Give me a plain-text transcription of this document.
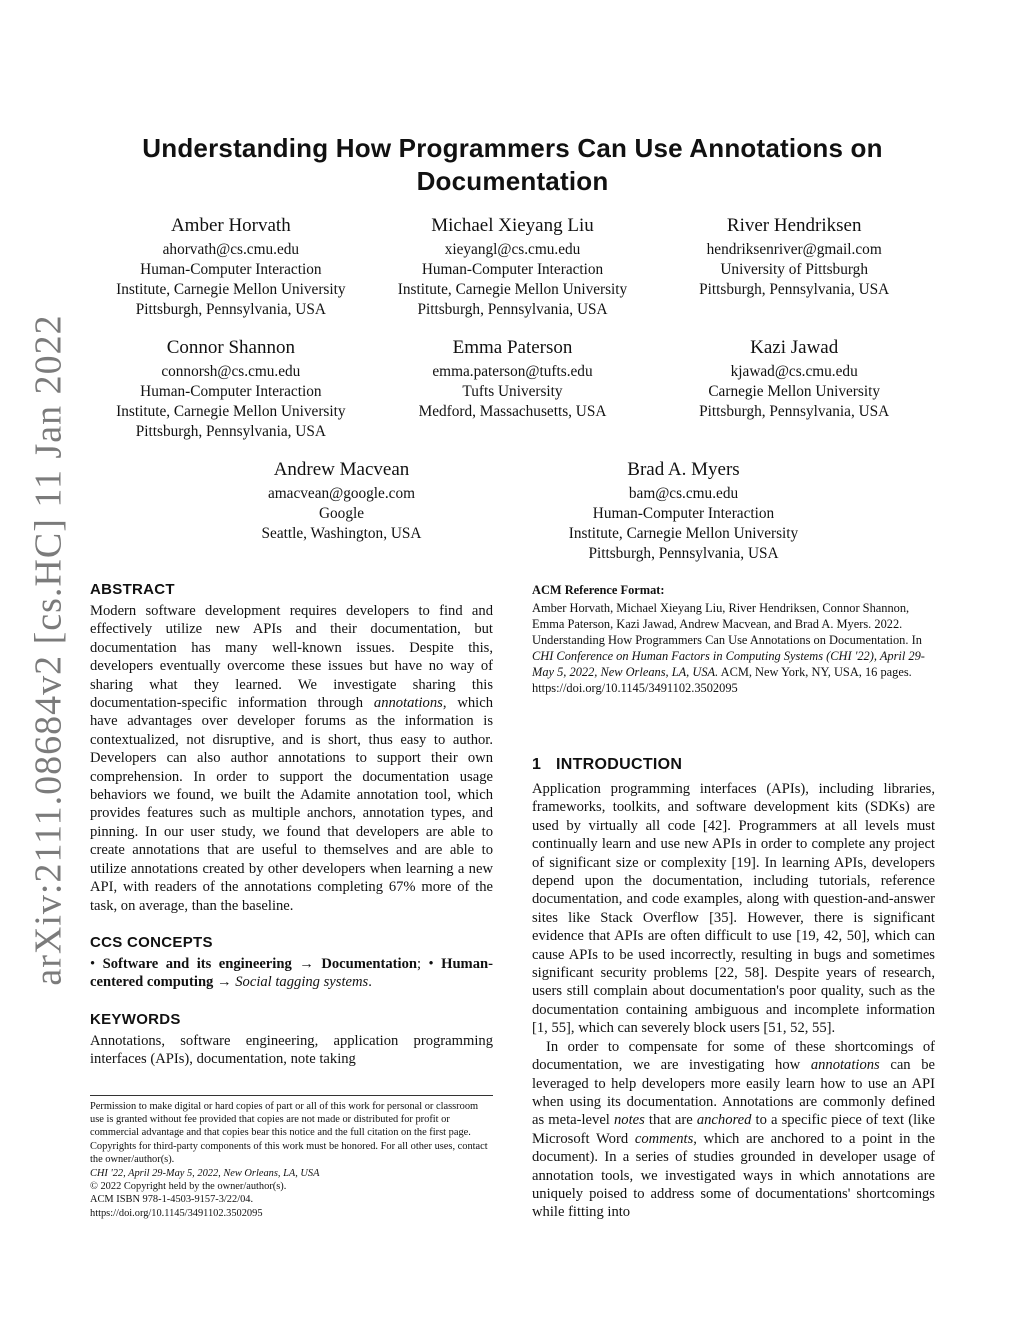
arXiv:2111.08684v2 [cs.HC] 11 Jan 2022
Understanding How Programmers Can Use Annotations on Documentation
Amber Horvath
ahorvath@cs.cmu.edu
Human-Computer Interaction
Institute, Carnegie Mellon University
Pittsburgh, Pennsylvania, USA
Michael Xieyang Liu
xieyangl@cs.cmu.edu
Human-Computer Interaction
Institute, Carnegie Mellon University
Pittsburgh, Pennsylvania, USA
River Hendriksen
hendriksenriver@gmail.com
University of Pittsburgh
Pittsburgh, Pennsylvania, USA
Connor Shannon
connorsh@cs.cmu.edu
Human-Computer Interaction
Institute, Carnegie Mellon University
Pittsburgh, Pennsylvania, USA
Emma Paterson
emma.paterson@tufts.edu
Tufts University
Medford, Massachusetts, USA
Kazi Jawad
kjawad@cs.cmu.edu
Carnegie Mellon University
Pittsburgh, Pennsylvania, USA
Andrew Macvean
amacvean@google.com
Google
Seattle, Washington, USA
Brad A. Myers
bam@cs.cmu.edu
Human-Computer Interaction
Institute, Carnegie Mellon University
Pittsburgh, Pennsylvania, USA
ABSTRACT

Modern software development requires developers to find and effectively utilize new APIs and their documentation, but documentation has many well-known issues. Despite this, developers eventually overcome these issues but have no way of sharing what they learned. We investigate sharing this documentation-specific information through annotations, which have advantages over developer forums as the information is contextualized, not disruptive, and is short, thus easy to author. Developers can also author annotations to support their own comprehension. In order to support the documentation usage behaviors we found, we built the Adamite annotation tool, which provides features such as multiple anchors, annotation types, and pinning. In our user study, we found that developers are able to create annotations that are useful to themselves and are able to utilize annotations created by other developers when learning a new API, with readers of the annotations completing 67% more of the task, on average, than the baseline.

CCS CONCEPTS

• Software and its engineering → Documentation; • Human-centered computing → Social tagging systems.

KEYWORDS

Annotations, software engineering, application programming interfaces (APIs), documentation, note taking

Permission to make digital or hard copies of part or all of this work for personal or classroom use is granted without fee provided that copies are not made or distributed for profit or commercial advantage and that copies bear this notice and the full citation on the first page. Copyrights for third-party components of this work must be honored. For all other uses, contact the owner/author(s).
CHI '22, April 29-May 5, 2022, New Orleans, LA, USA
© 2022 Copyright held by the owner/author(s).
ACM ISBN 978-1-4503-9157-3/22/04.
https://doi.org/10.1145/3491102.3502095
ACM Reference Format:

Amber Horvath, Michael Xieyang Liu, River Hendriksen, Connor Shannon, Emma Paterson, Kazi Jawad, Andrew Macvean, and Brad A. Myers. 2022. Understanding How Programmers Can Use Annotations on Documentation. In CHI Conference on Human Factors in Computing Systems (CHI '22), April 29-May 5, 2022, New Orleans, LA, USA. ACM, New York, NY, USA, 16 pages. https://doi.org/10.1145/3491102.3502095

1 INTRODUCTION

Application programming interfaces (APIs), including libraries, frameworks, toolkits, and software development kits (SDKs) are used by virtually all code [42]. Programmers at all levels must continually learn and use new APIs in order to complete any project of significant size or complexity [19]. In learning APIs, developers depend upon the documentation, including tutorials, reference documentation, and code examples, along with question-and-answer sites like Stack Overflow [35]. However, there is significant evidence that APIs are often difficult to use [19, 42, 50], which can cause APIs to be used incorrectly, resulting in bugs and sometimes significant security problems [22, 58]. Despite years of research, users still complain about documentation's poor quality, such as the documentation containing ambiguous and incomplete information [1, 55], which can severely block users [51, 52, 55].

In order to compensate for some of these shortcomings of documentation, we are investigating how annotations can be leveraged to help developers more easily learn how to use an API when using its documentation. Annotations are commonly defined as meta-level notes that are anchored to a specific piece of text (like Microsoft Word comments, which are anchored to a point in the document). In a series of studies grounded in developer usage of annotation tools, we investigated ways in which annotations are uniquely poised to address some of documentations' shortcomings while fitting into
